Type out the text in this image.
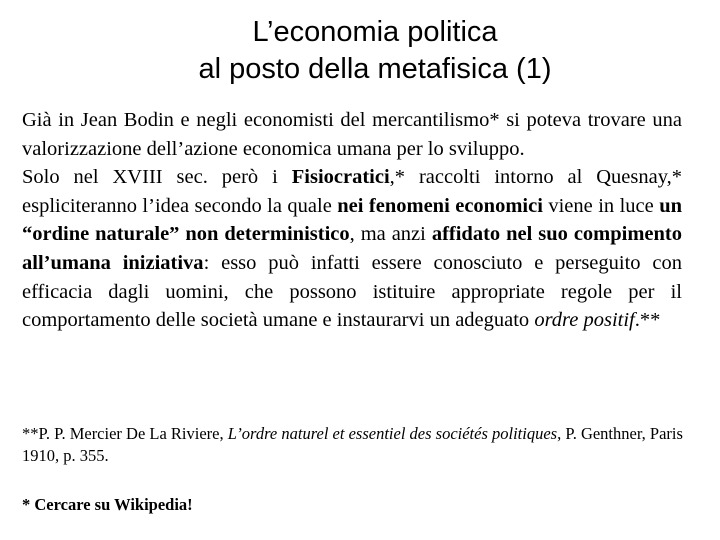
L’economia politica
al posto della metafisica (1)

Già in Jean Bodin e negli economisti del mercantilismo* si poteva trovare una valorizzazione dell’azione economica umana per lo sviluppo.

Solo nel XVIII sec. però i Fisiocratici,* raccolti intorno al Quesnay,* espliciteranno l’idea secondo la quale nei fenomeni economici viene in luce un “ordine naturale” non deterministico, ma anzi affidato nel suo compimento all’umana iniziativa: esso può infatti essere conosciuto e perseguito con efficacia dagli uomini, che possono istituire appropriate regole per il comportamento delle società umane e instaurarvi un adeguato ordre positif.**

**P. P. Mercier De La Riviere, L’ordre naturel et essentiel des sociétés politiques, P. Genthner, Paris 1910, p. 355.

* Cercare su Wikipedia!
